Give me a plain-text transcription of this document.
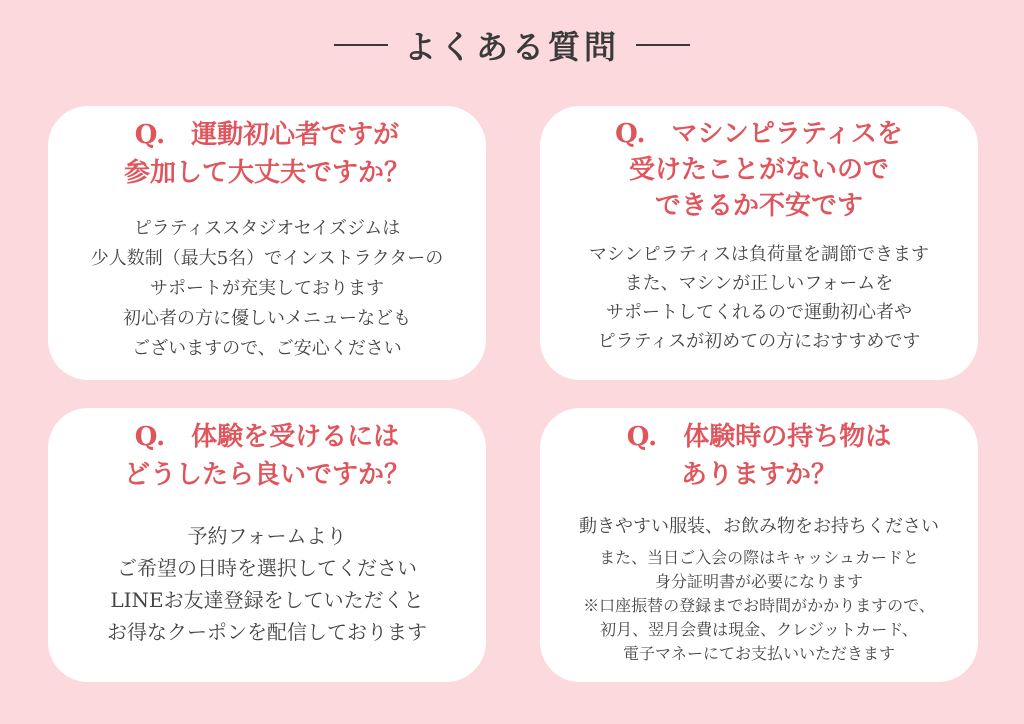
よくある質問
Q.　運動初心者ですが
参加して大丈夫ですか？
ピラティススタジオセイズジムは
少人数制（最大5名）でインストラクターの
サポートが充実しております
初心者の方に優しいメニューなども
ございますので、ご安心ください
Q.　マシンピラティスを
受けたことがないので
できるか不安です
マシンピラティスは負荷量を調節できます
また、マシンが正しいフォームを
サポートしてくれるので運動初心者や
ピラティスが初めての方におすすめです
Q.　体験を受けるには
どうしたら良いですか？
予約フォームより
ご希望の日時を選択してください
LINEお友達登録をしていただくと
お得なクーポンを配信しております
Q.　体験時の持ち物は
ありますか？
動きやすい服装、お飲み物をお持ちください
また、当日ご入会の際はキャッシュカードと
身分証明書が必要になります
※口座振替の登録までお時間がかかりますので、
初月、翌月会費は現金、クレジットカード、
電子マネーにてお支払いいただきます
